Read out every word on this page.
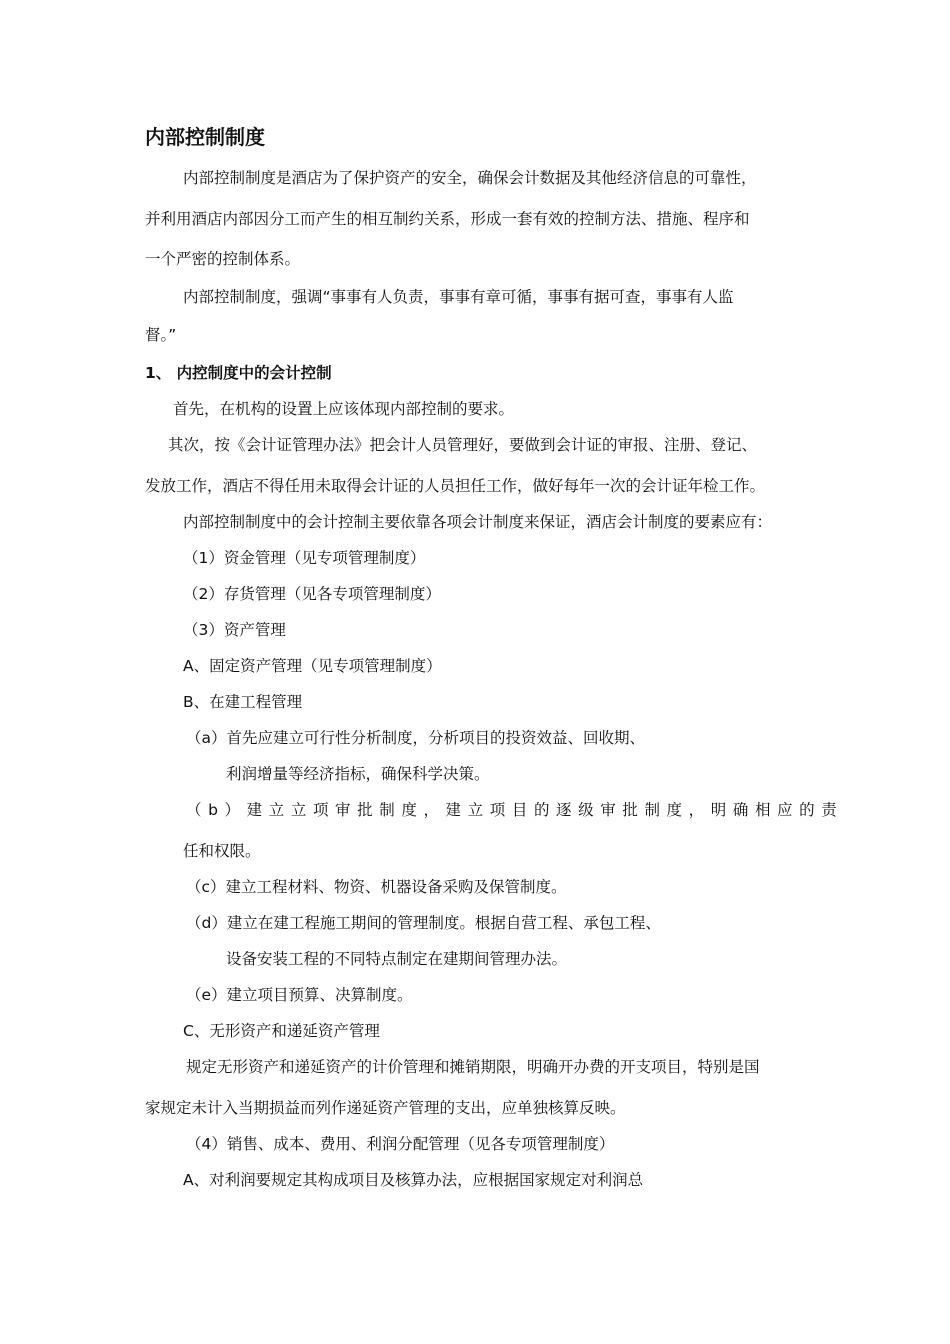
内部控制制度
内部控制制度是酒店为了保护资产的安全，确保会计数据及其他经济信息的可靠性，
并利用酒店内部因分工而产生的相互制约关系，形成一套有效的控制方法、措施、程序和
一个严密的控制体系。
内部控制制度，强调“事事有人负责，事事有章可循，事事有据可查，事事有人监
督。”
1、 内控制度中的会计控制
首先，在机构的设置上应该体现内部控制的要求。
其次，按《会计证管理办法》把会计人员管理好，要做到会计证的审报、注册、登记、
发放工作，酒店不得任用未取得会计证的人员担任工作，做好每年一次的会计证年检工作。
内部控制制度中的会计控制主要依靠各项会计制度来保证，酒店会计制度的要素应有：
（1）资金管理（见专项管理制度）
（2）存货管理（见各专项管理制度）
（3）资产管理
A、固定资产管理（见专项管理制度）
B、在建工程管理
（a）首先应建立可行性分析制度，分析项目的投资效益、回收期、
利润增量等经济指标，确保科学决策。
（b）建立立项审批制度，建立项目的逐级审批制度，明确相应的责
任和权限。
（c）建立工程材料、物资、机器设备采购及保管制度。
（d）建立在建工程施工期间的管理制度。根据自营工程、承包工程、
设备安装工程的不同特点制定在建期间管理办法。
（e）建立项目预算、决算制度。
C、无形资产和递延资产管理
规定无形资产和递延资产的计价管理和摊销期限，明确开办费的开支项目，特别是国
家规定未计入当期损益而列作递延资产管理的支出，应单独核算反映。
（4）销售、成本、费用、利润分配管理（见各专项管理制度）
A、对利润要规定其构成项目及核算办法，应根据国家规定对利润总
